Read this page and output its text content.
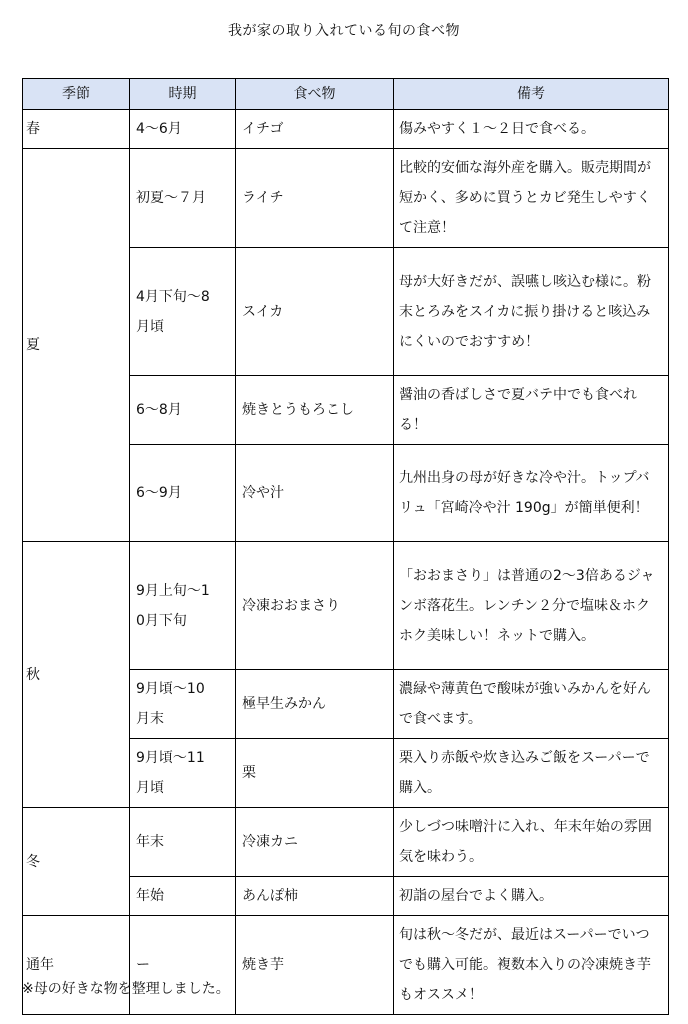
我が家の取り入れている旬の食べ物
季節	時期	食べ物	備考
春	4～6月	イチゴ	傷みやすく１～２日で食べる。

夏	初夏～７月	ライチ	比較的安価な海外産を購入。販売期間が短かく、多めに買うとカビ発生しやすくて注意！

	4月下旬～8月頃	スイカ	母が大好きだが、誤嚥し咳込む様に。粉末とろみをスイカに振り掛けると咳込みにくいのでおすすめ！

	6～8月	焼きとうもろこし	醤油の香ばしさで夏バテ中でも食べれる！

	6～9月	冷や汁	九州出身の母が好きな冷や汁。トップバリュ「宮崎冷や汁 190g」が簡単便利！

秋	9月上旬～10月下旬	冷凍おおまさり	「おおまさり」は普通の2～3倍あるジャンボ落花生。レンチン２分で塩味＆ホクホク美味しい！ネットで購入。

	9月頃～10月末	極早生みかん	濃緑や薄黄色で酸味が強いみかんを好んで食べます。

	9月頃～11月頃	栗	栗入り赤飯や炊き込みご飯をスーパーで購入。

冬	年末	冷凍カニ	少しづつ味噌汁に入れ、年末年始の雰囲気を味わう。

	年始	あんぽ柿	初詣の屋台でよく購入。

通年	ー	焼き芋	旬は秋～冬だが、最近はスーパーでいつでも購入可能。複数本入りの冷凍焼き芋もオススメ！
※母の好きな物を整理しました。
